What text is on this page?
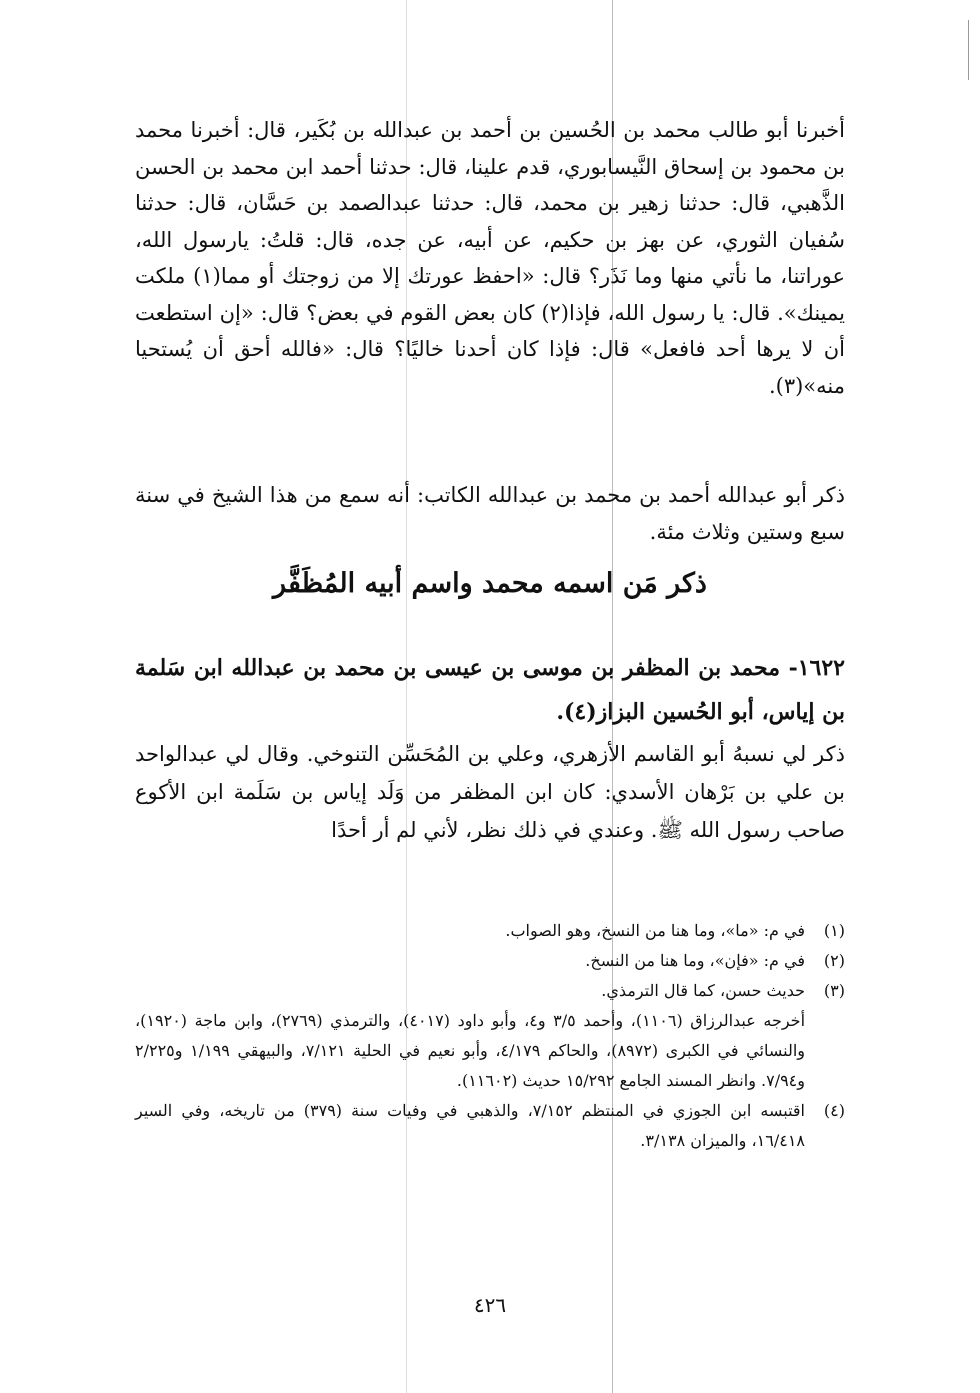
أخبرنا أبو طالب محمد بن الحُسين بن أحمد بن عبدالله بن بُكَير، قال: أخبرنا محمد بن محمود بن إسحاق النَّيسابوري، قدم علينا، قال: حدثنا أحمد ابن محمد بن الحسن الذَّهبي، قال: حدثنا زهير بن محمد، قال: حدثنا عبدالصمد بن حَسَّان، قال: حدثنا سُفيان الثوري، عن بهز بن حكيم، عن أبيه، عن جده، قال: قلتُ: يارسول الله، عوراتنا، ما نأتي منها وما نَذَر؟ قال: «احفظ عورتك إلا من زوجتك أو مما(١) ملكت يمينك». قال: يا رسول الله، فإذا(٢) كان بعض القوم في بعض؟ قال: «إن استطعت أن لا يرها أحد فافعل» قال: فإذا كان أحدنا خاليًا؟ قال: «فالله أحق أن يُستحيا منه»(٣).
ذكر أبو عبدالله أحمد بن محمد بن عبدالله الكاتب: أنه سمع من هذا الشيخ في سنة سبع وستين وثلاث مئة.
ذكر مَن اسمه محمد واسم أبيه المُظَفَّر
١٦٢٢- محمد بن المظفر بن موسى بن عيسى بن محمد بن عبدالله ابن سَلمة بن إياس، أبو الحُسين البزاز(٤).
ذكر لي نسبهُ أبو القاسم الأزهري، وعلي بن المُحَسِّن التنوخي. وقال لي عبدالواحد بن علي بن بَرْهان الأسدي: كان ابن المظفر من وَلَد إياس بن سَلَمة ابن الأكوع صاحب رسول الله ﷺ. وعندي في ذلك نظر، لأني لم أر أحدًا
(١)
في م: «ما»، وما هنا من النسخ، وهو الصواب.
(٢)
في م: «فإن»، وما هنا من النسخ.
(٣)
حديث حسن، كما قال الترمذي.
أخرجه عبدالرزاق (١١٠٦)، وأحمد ٣/٥ و٤، وأبو داود (٤٠١٧)، والترمذي (٢٧٦٩)، وابن ماجة (١٩٢٠)، والنسائي في الكبرى (٨٩٧٢)، والحاكم ٤/١٧٩، وأبو نعيم في الحلية ٧/١٢١، والبيهقي ١/١٩٩ و٢/٢٢٥ و٧/٩٤. وانظر المسند الجامع ١٥/٢٩٢ حديث (١١٦٠٢).
(٤)
اقتبسه ابن الجوزي في المنتظم ٧/١٥٢، والذهبي في وفيات سنة (٣٧٩) من تاريخه، وفي السير ١٦/٤١٨، والميزان ٣/١٣٨.
٤٢٦
